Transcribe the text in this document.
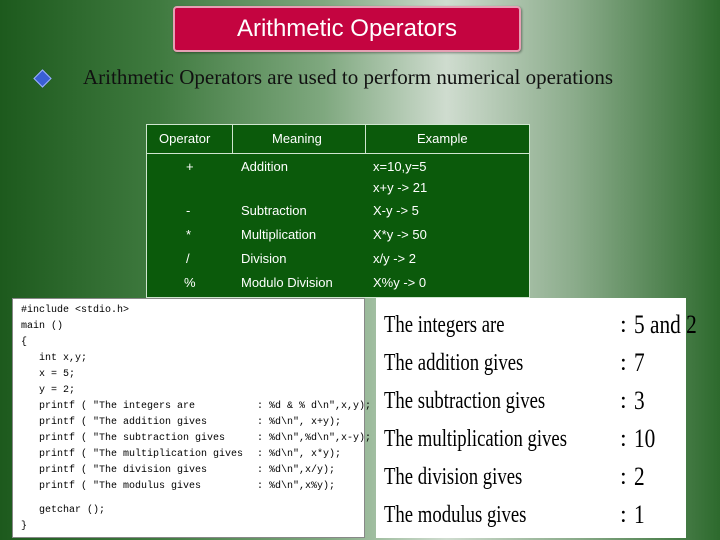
Arithmetic Operators
Arithmetic Operators are used to perform numerical operations
Operator	Meaning	Example
+	Addition	x=10,y=5
x+y -> 21
-	Subtraction	X-y -> 5
*	Multiplication	X*y -> 50
/	Division	x/y -> 2
%	Modulo Division	X%y -> 0
#include <stdio.h>
main ()
{
int x,y;
x = 5;
y = 2;
printf ( "The integers are
printf ( "The addition gives
printf ( "The subtraction gives
printf ( "The multiplication gives
printf ( "The division gives
printf ( "The modulus gives
getchar ();
}
: %d & % d\n",x,y);
: %d\n", x+y);
: %d\n",%d\n",x-y);
: %d\n", x*y);
: %d\n",x/y);
: %d\n",x%y);
The integers are	: 5 and 2
The addition gives	: 7
The subtraction gives	: 3
The multiplication gives : 10
The division gives	: 2
The modulus gives	: 1
